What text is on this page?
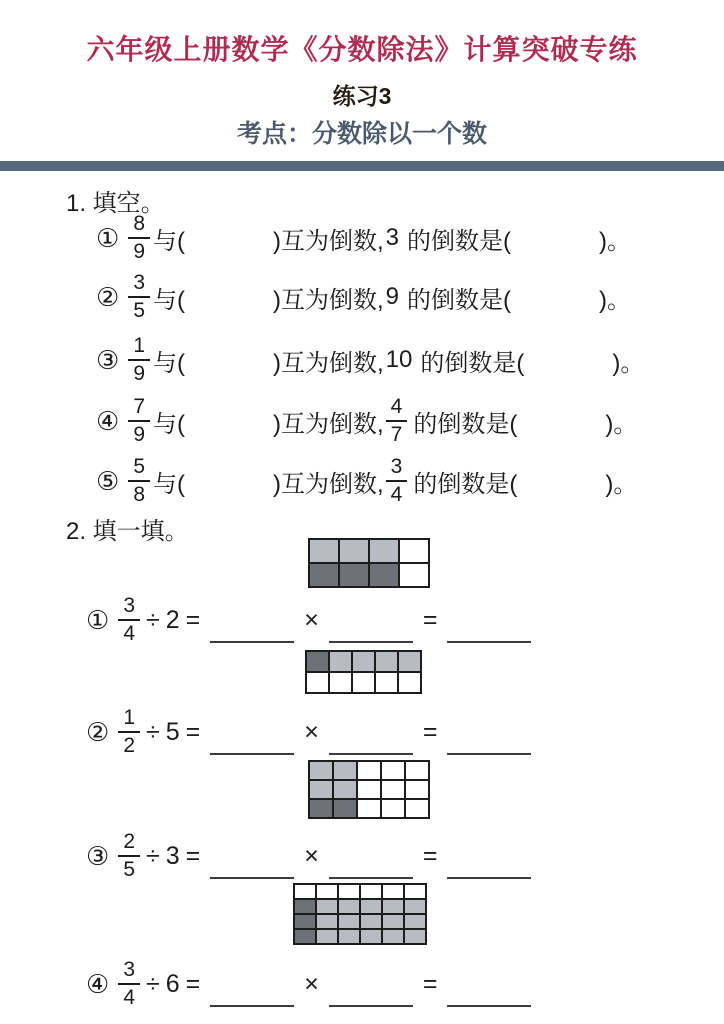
六年级上册数学《分数除法》计算突破专练
练习3
考点：分数除以一个数
1. 填空。
① $\frac{8}{9}$ 与(	)互为倒数, 3 的倒数是(	)。
② $\frac{3}{5}$ 与(	)互为倒数, 9 的倒数是(	)。
③ $\frac{1}{9}$ 与(	)互为倒数, 10 的倒数是(	)。
④ $\frac{7}{9}$ 与(	)互为倒数, $\frac{4}{7}$ 的倒数是(	)。
⑤ $\frac{5}{8}$ 与(	)互为倒数, $\frac{3}{4}$ 的倒数是(	)。
2. 填一填。
① $\frac{3}{4} \div 2$ =	×	=
② $\frac{1}{2} \div 5$ =	×	=
③ $\frac{2}{5} \div 3$ =	×	=
④ $\frac{3}{4} \div 6$ =	×	=
